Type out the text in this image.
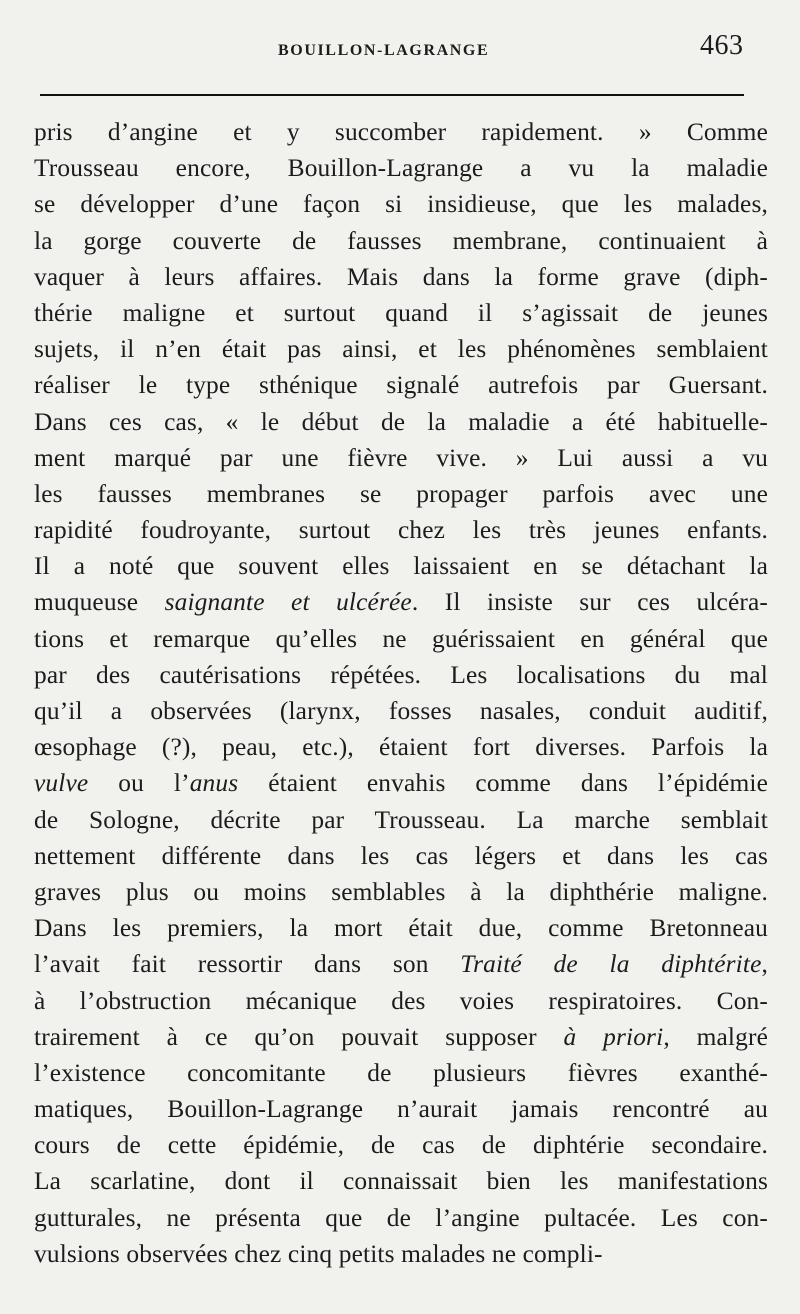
BOUILLON-LAGRANGE	463
pris d’angine et y succomber rapidement. » Comme
Trousseau encore, Bouillon-Lagrange a vu la maladie
se développer d’une façon si insidieuse, que les malades,
la gorge couverte de fausses membrane, continuaient à
vaquer à leurs affaires. Mais dans la forme grave (diph-
thérie maligne et surtout quand il s’agissait de jeunes
sujets, il n’en était pas ainsi, et les phénomènes semblaient
réaliser le type sthénique signalé autrefois par Guersant.
Dans ces cas, « le début de la maladie a été habituelle-
ment marqué par une fièvre vive. » Lui aussi a vu
les fausses membranes se propager parfois avec une
rapidité foudroyante, surtout chez les très jeunes enfants.
Il a noté que souvent elles laissaient en se détachant la
muqueuse saignante et ulcérée. Il insiste sur ces ulcéra-
tions et remarque qu’elles ne guérissaient en général que
par des cautérisations répétées. Les localisations du mal
qu’il a observées (larynx, fosses nasales, conduit auditif,
œsophage (?), peau, etc.), étaient fort diverses. Parfois la
vulve ou l’anus étaient envahis comme dans l’épidémie
de Sologne, décrite par Trousseau. La marche semblait
nettement différente dans les cas légers et dans les cas
graves plus ou moins semblables à la diphthérie maligne.
Dans les premiers, la mort était due, comme Bretonneau
l’avait fait ressortir dans son Traité de la diphtérite,
à l’obstruction mécanique des voies respiratoires. Con-
trairement à ce qu’on pouvait supposer à priori, malgré
l’existence concomitante de plusieurs fièvres exanthé-
matiques, Bouillon-Lagrange n’aurait jamais rencontré au
cours de cette épidémie, de cas de diphtérie secondaire.
La scarlatine, dont il connaissait bien les manifestations
gutturales, ne présenta que de l’angine pultacée. Les con-
vulsions observées chez cinq petits malades ne compli-
